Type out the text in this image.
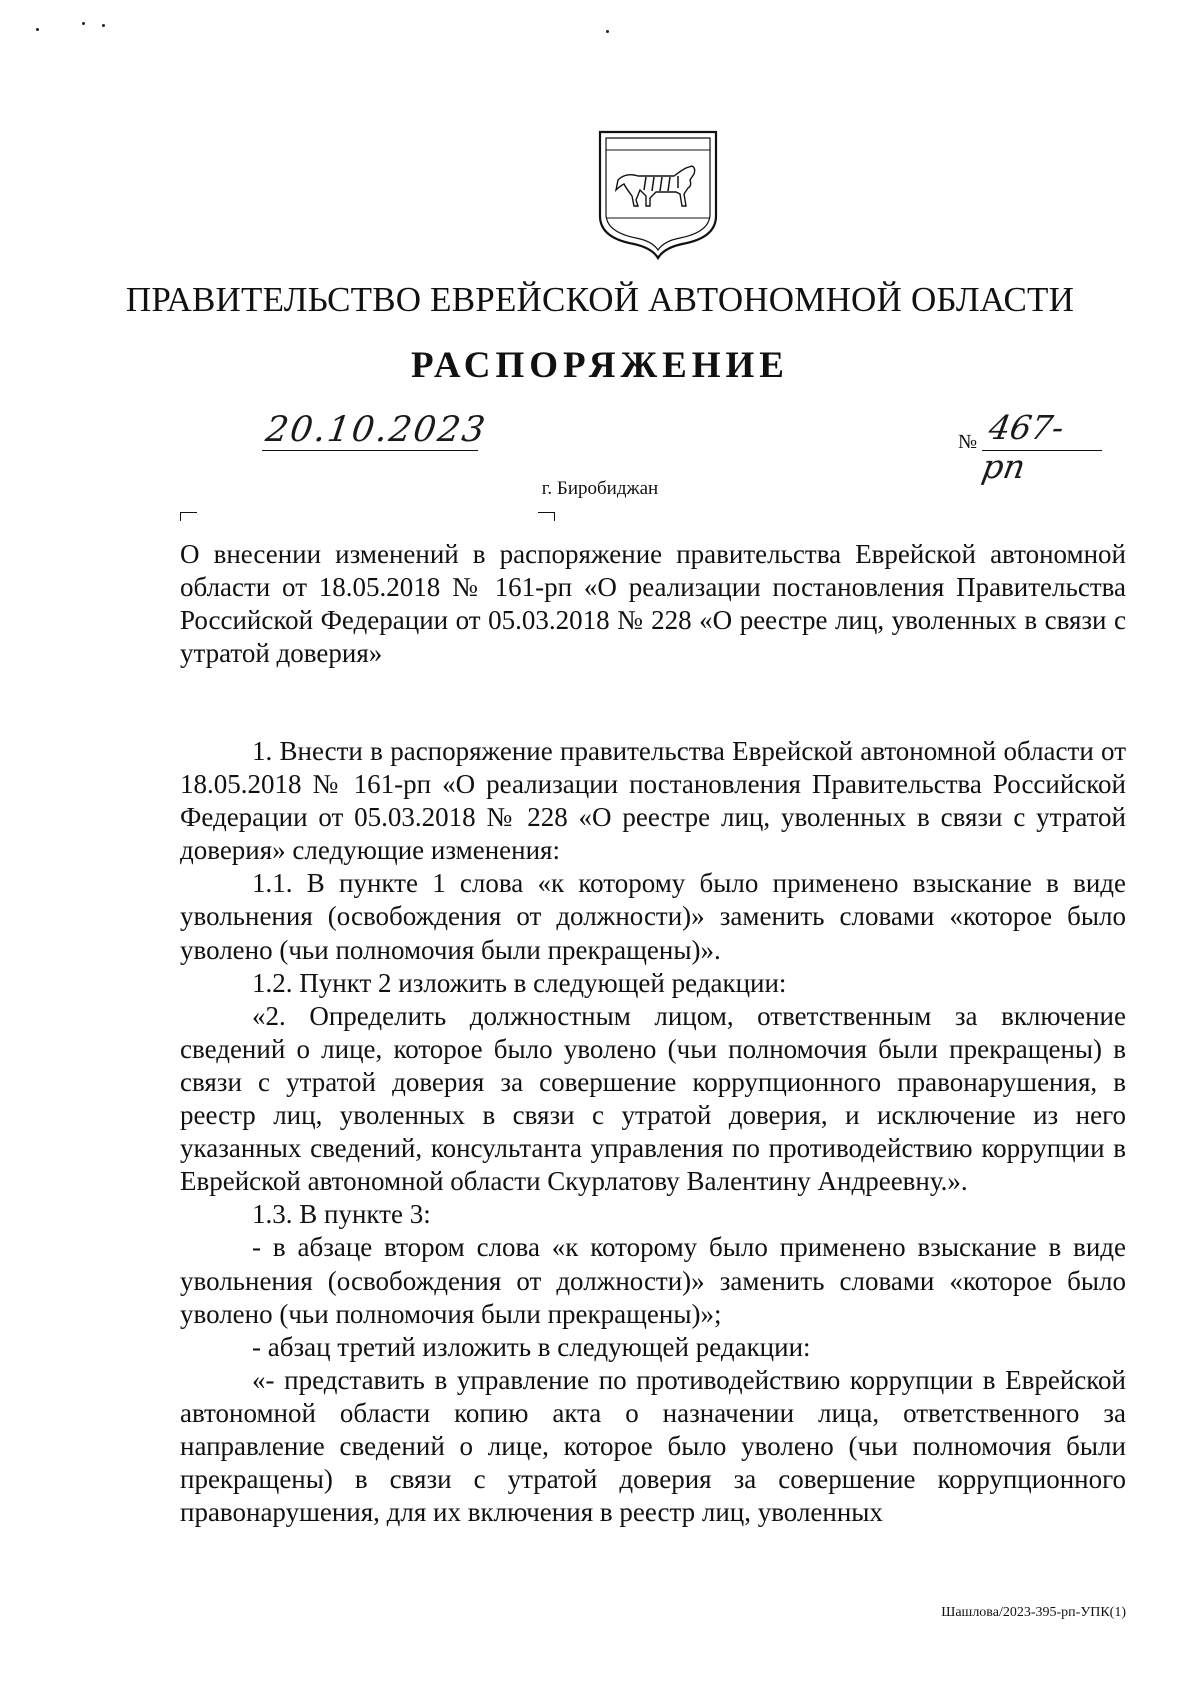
ПРАВИТЕЛЬСТВО ЕВРЕЙСКОЙ АВТОНОМНОЙ ОБЛАСТИ
РАСПОРЯЖЕНИЕ
20.10.2023	№ 467-рп
г. Биробиджан
О внесении изменений в распоряжение правительства Еврейской автономной области от 18.05.2018 № 161-рп «О реализации постановления Правительства Российской Федерации от 05.03.2018 № 228 «О реестре лиц, уволенных в связи с утратой доверия»

1. Внести в распоряжение правительства Еврейской автономной области от 18.05.2018 № 161-рп «О реализации постановления Правительства Российской Федерации от 05.03.2018 № 228 «О реестре лиц, уволенных в связи с утратой доверия» следующие изменения:

1.1. В пункте 1 слова «к которому было применено взыскание в виде увольнения (освобождения от должности)» заменить словами «которое было уволено (чьи полномочия были прекращены)».

1.2. Пункт 2 изложить в следующей редакции:

«2. Определить должностным лицом, ответственным за включение сведений о лице, которое было уволено (чьи полномочия были прекращены) в связи с утратой доверия за совершение коррупционного правонарушения, в реестр лиц, уволенных в связи с утратой доверия, и исключение из него указанных сведений, консультанта управления по противодействию коррупции в Еврейской автономной области Скурлатову Валентину Андреевну.».

1.3. В пункте 3:

- в абзаце втором слова «к которому было применено взыскание в виде увольнения (освобождения от должности)» заменить словами «которое было уволено (чьи полномочия были прекращены)»;

- абзац третий изложить в следующей редакции:

«- представить в управление по противодействию коррупции в Еврейской автономной области копию акта о назначении лица, ответственного за направление сведений о лице, которое было уволено (чьи полномочия были прекращены) в связи с утратой доверия за совершение коррупционного правонарушения, для их включения в реестр лиц, уволенных

Шашлова/2023-395-рп-УПК(1)
